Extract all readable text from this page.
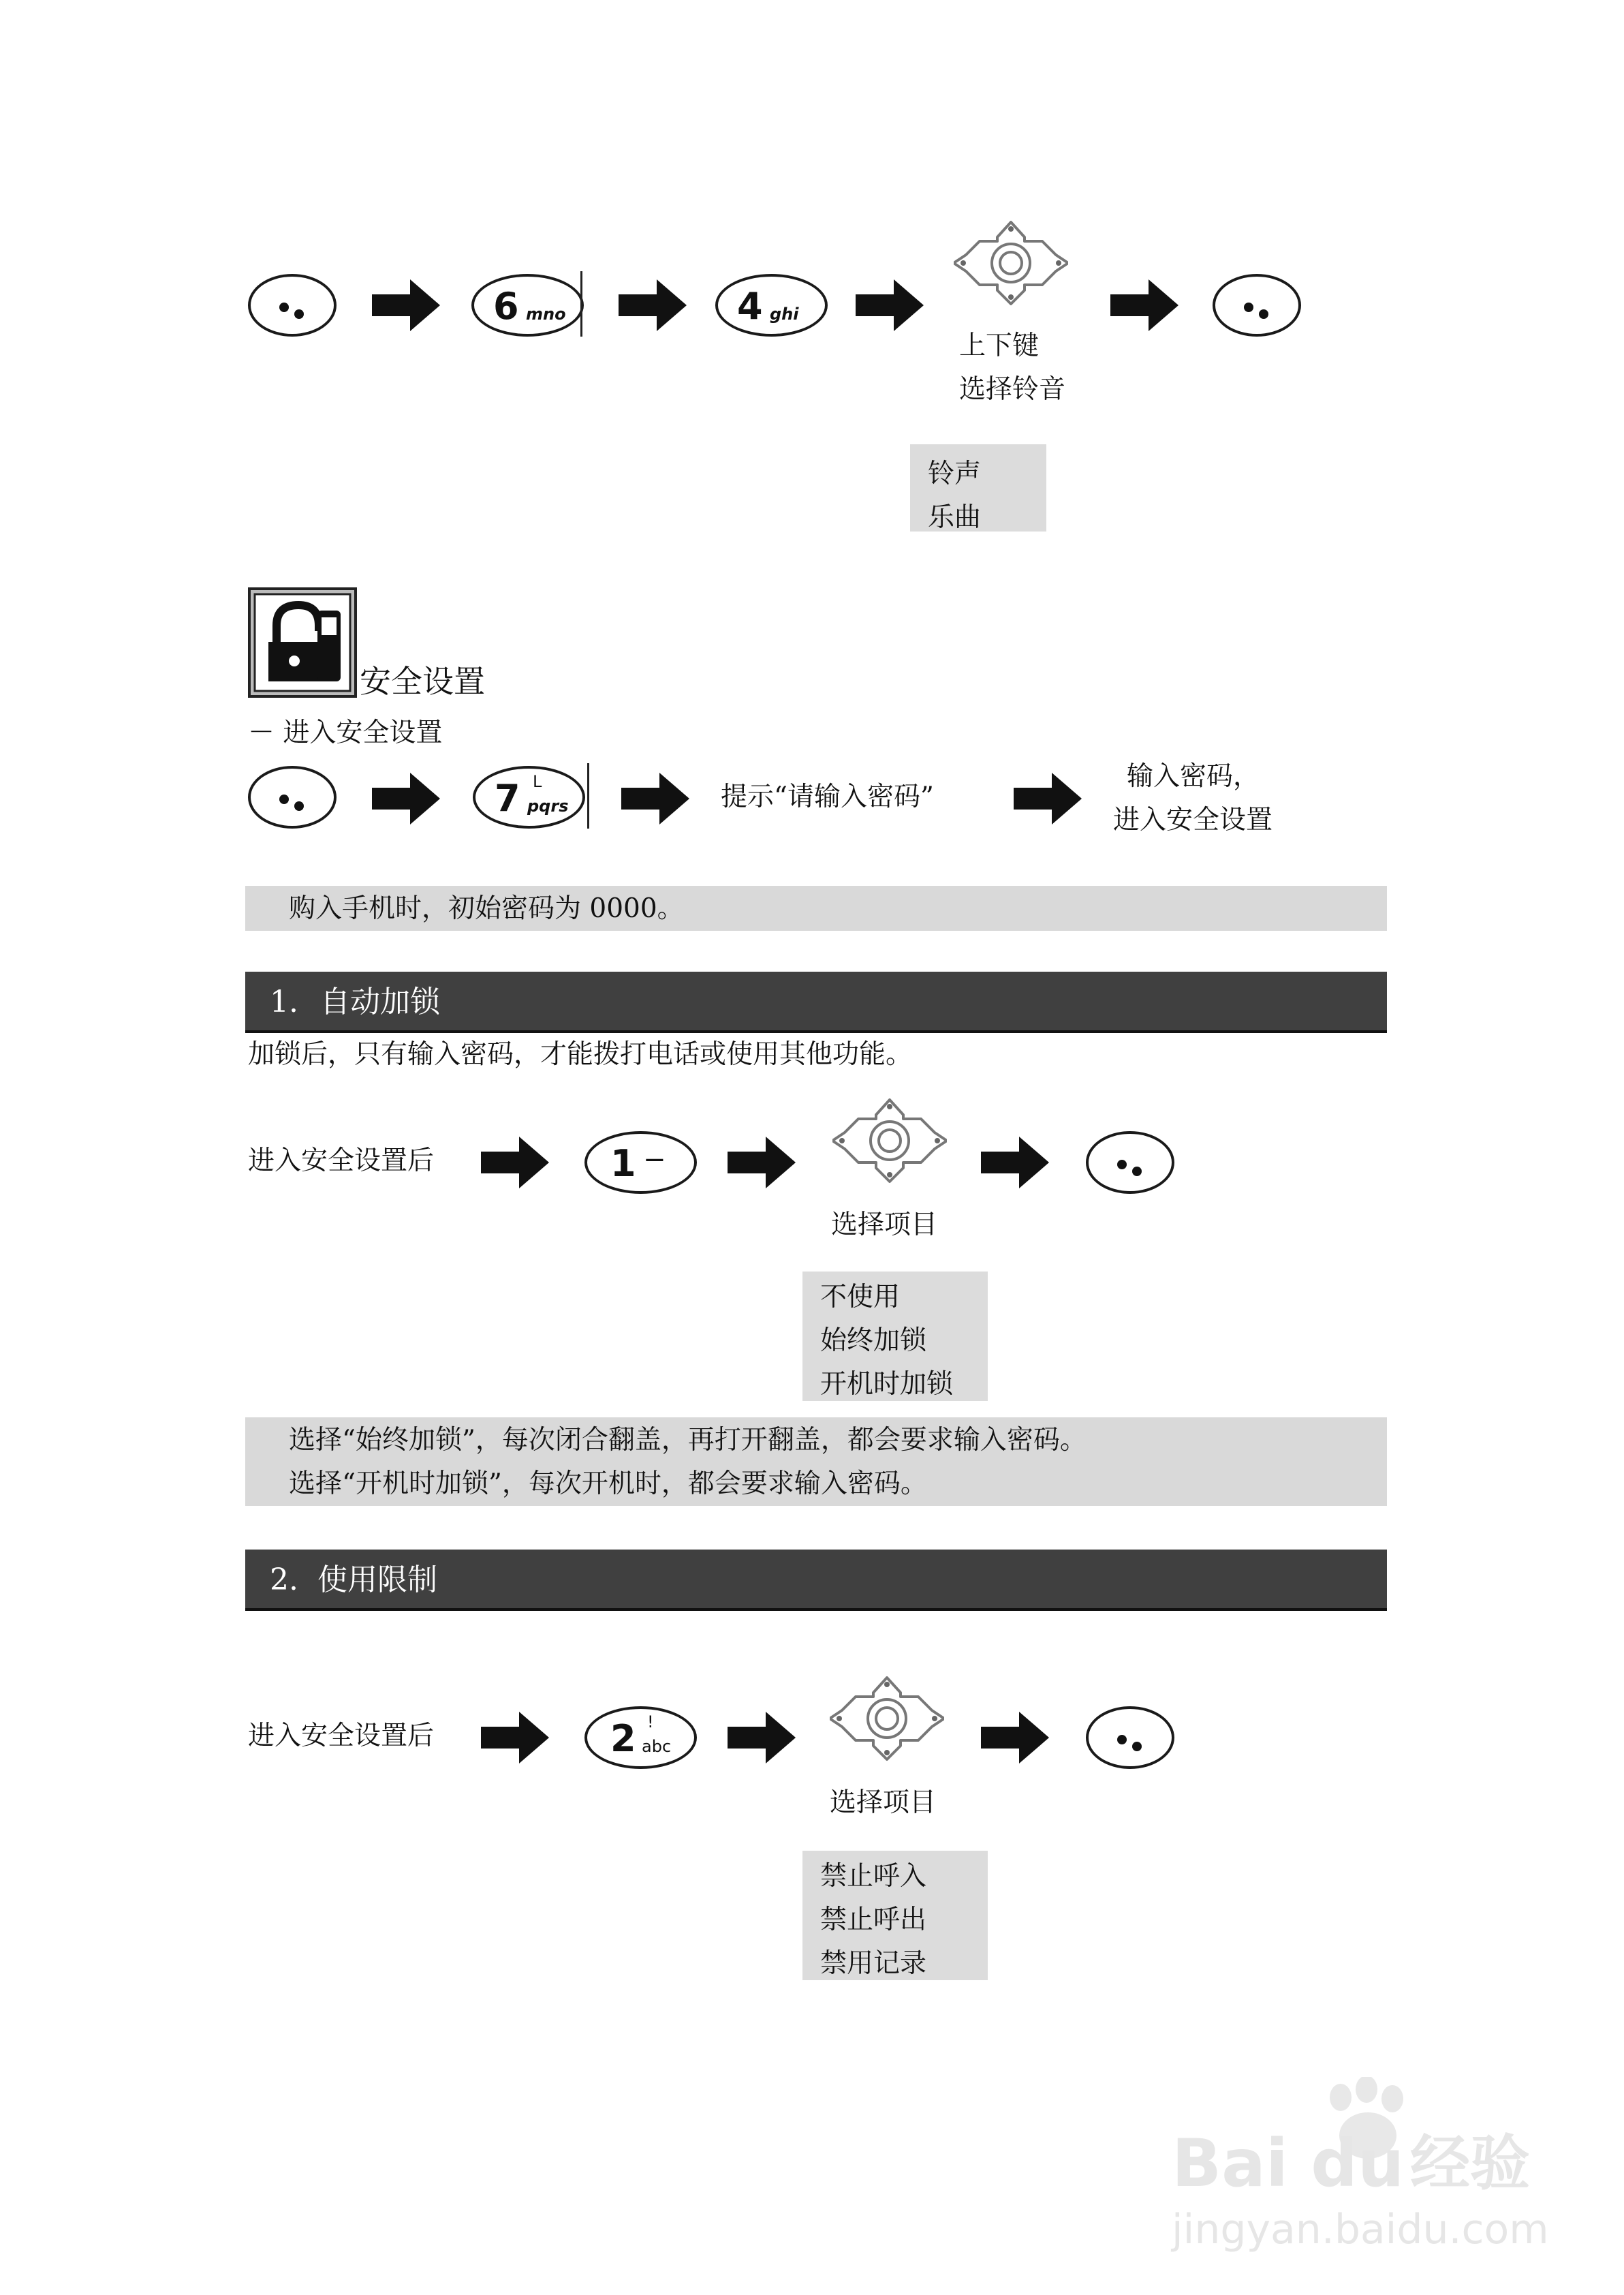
6 mno	4 ghi
上下键
选择铃音
铃声
乐曲
安全设置
－ 进入安全设置
7 L
pqrs	提示“请输入密码”
输入密码，
进入安全设置
购入手机时，初始密码为 0000。
1. 自动加锁
加锁后，只有输入密码，才能拨打电话或使用其他功能。
进入安全设置后	1 −
选择项目
不使用
始终加锁
开机时加锁
选择“始终加锁”，每次闭合翻盖，再打开翻盖，都会要求输入密码。
选择“开机时加锁”，每次开机时，都会要求输入密码。
2. 使用限制
进入安全设置后	2 !
abc
选择项目
禁止呼入
禁止呼出
禁用记录
Bai du 经验
jingyan.baidu.com
